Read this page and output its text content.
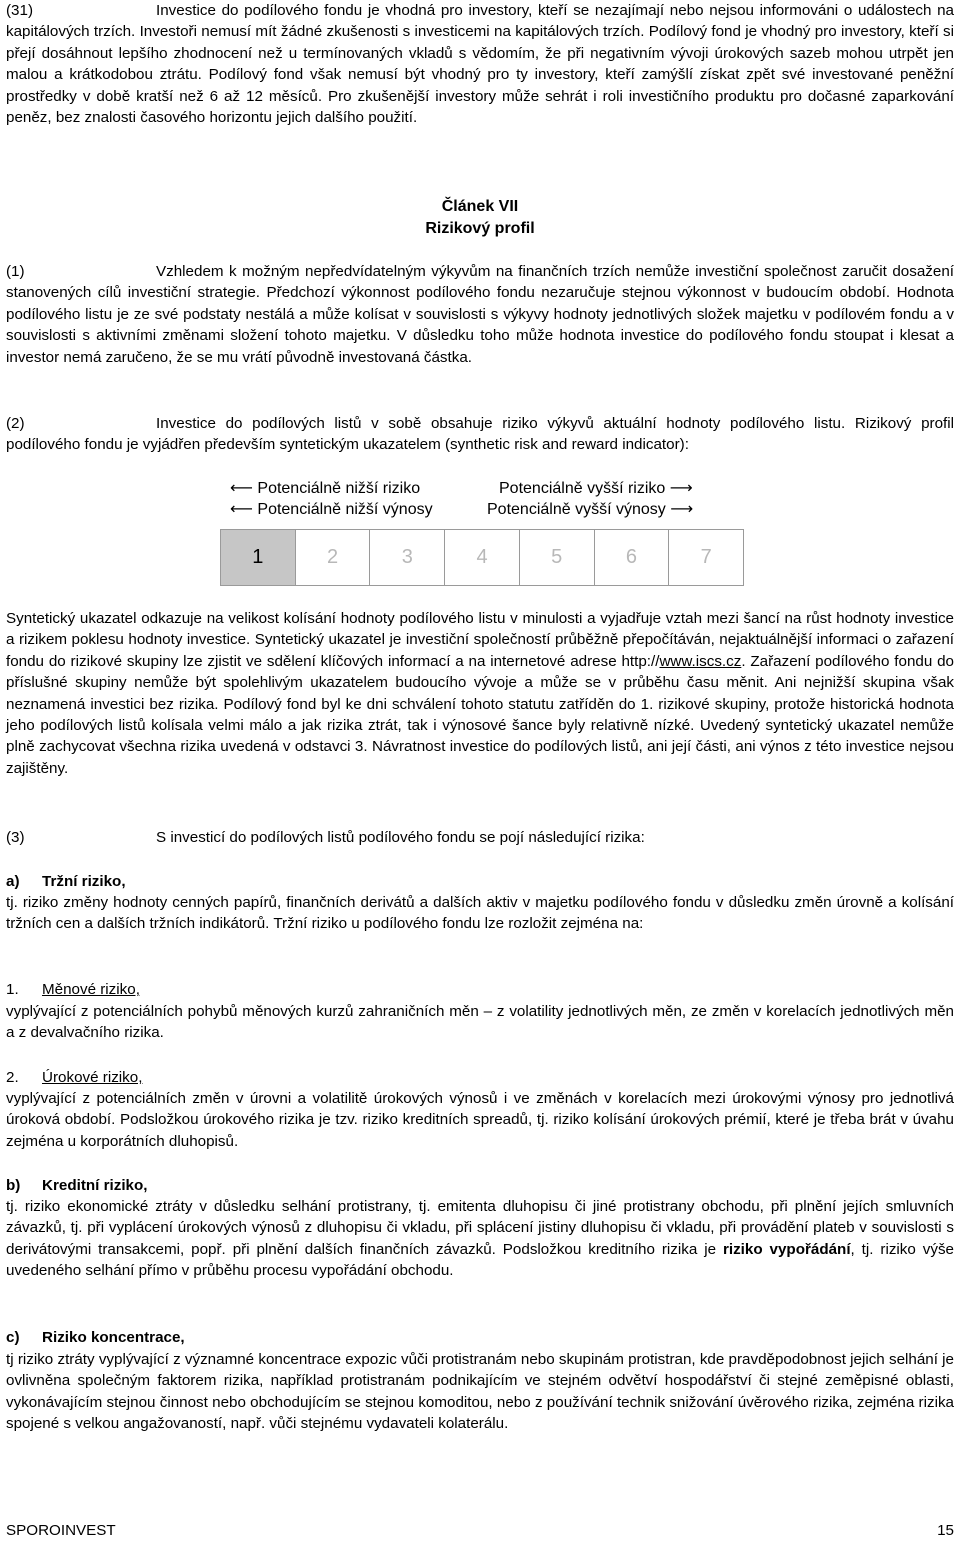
(31)	Investice do podílového fondu je vhodná pro investory, kteří se nezajímají nebo nejsou informováni o událostech na kapitálových trzích. Investoři nemusí mít žádné zkušenosti s investicemi na kapitálových trzích. Podílový fond je vhodný pro investory, kteří si přejí dosáhnout lepšího zhodnocení než u termínovaných vkladů s vědomím, že při negativním vývoji úrokových sazeb mohou utrpět jen malou a krátkodobou ztrátu. Podílový fond však nemusí být vhodný pro ty investory, kteří zamýšlí získat zpět své investované peněžní prostředky v době kratší než 6 až 12 měsíců. Pro zkušenější investory může sehrát i roli investičního produktu pro dočasné zaparkování peněz, bez znalosti časového horizontu jejich dalšího použití.

Článek VII
Rizikový profil

(1)	Vzhledem k možným nepředvídatelným výkyvům na finančních trzích nemůže investiční společnost zaručit dosažení stanovených cílů investiční strategie. Předchozí výkonnost podílového fondu nezaručuje stejnou výkonnost v budoucím období. Hodnota podílového listu je ze své podstaty nestálá a může kolísat v souvislosti s výkyvy hodnoty jednotlivých složek majetku v podílovém fondu a v souvislosti s aktivními změnami složení tohoto majetku. V důsledku toho může hodnota investice do podílového fondu stoupat i klesat a investor nemá zaručeno, že se mu vrátí původně investovaná částka.

(2)	Investice do podílových listů v sobě obsahuje riziko výkyvů aktuální hodnoty podílového listu. Rizikový profil podílového fondu je vyjádřen především syntetickým ukazatelem (synthetic risk and reward indicator):

⟵ Potenciálně nižší riziko	Potenciálně vyšší riziko ⟶
⟵ Potenciálně nižší výnosy	Potenciálně vyšší výnosy ⟶
1	2	3	4	5	6	7

Syntetický ukazatel odkazuje na velikost kolísání hodnoty podílového listu v minulosti a vyjadřuje vztah mezi šancí na růst hodnoty investice a rizikem poklesu hodnoty investice. Syntetický ukazatel je investiční společností průběžně přepočítáván, nejaktuálnější informaci o zařazení fondu do rizikové skupiny lze zjistit ve sdělení klíčových informací a na internetové adrese http://www.iscs.cz. Zařazení podílového fondu do příslušné skupiny nemůže být spolehlivým ukazatelem budoucího vývoje a může se v průběhu času měnit. Ani nejnižší skupina však neznamená investici bez rizika. Podílový fond byl ke dni schválení tohoto statutu zatříděn do 1. rizikové skupiny, protože historická hodnota jeho podílových listů kolísala velmi málo a jak rizika ztrát, tak i výnosové šance byly relativně nízké. Uvedený syntetický ukazatel nemůže plně zachycovat všechna rizika uvedená v odstavci 3. Návratnost investice do podílových listů, ani její části, ani výnos z této investice nejsou zajištěny.

(3)	S investicí do podílových listů podílového fondu se pojí následující rizika:

a) Tržní riziko,

tj. riziko změny hodnoty cenných papírů, finančních derivátů a dalších aktiv v majetku podílového fondu v důsledku změn úrovně a kolísání tržních cen a dalších tržních indikátorů. Tržní riziko u podílového fondu lze rozložit zejména na:

1. Měnové riziko,

vyplývající z potenciálních pohybů měnových kurzů zahraničních měn – z volatility jednotlivých měn, ze změn v korelacích jednotlivých měn a z devalvačního rizika.

2. Úrokové riziko,

vyplývající z potenciálních změn v úrovni a volatilitě úrokových výnosů i ve změnách v korelacích mezi úrokovými výnosy pro jednotlivá úroková období. Podsložkou úrokového rizika je tzv. riziko kreditních spreadů, tj. riziko kolísání úrokových prémií, které je třeba brát v úvahu zejména u korporátních dluhopisů.

b) Kreditní riziko,

tj. riziko ekonomické ztráty v důsledku selhání protistrany, tj. emitenta dluhopisu či jiné protistrany obchodu, při plnění jejích smluvních závazků, tj. při vyplácení úrokových výnosů z dluhopisu či vkladu, při splácení jistiny dluhopisu či vkladu, při provádění plateb v souvislosti s derivátovými transakcemi, popř. při plnění dalších finančních závazků. Podsložkou kreditního rizika je riziko vypořádání, tj. riziko výše uvedeného selhání přímo v průběhu procesu vypořádání obchodu.

c) Riziko koncentrace,

tj riziko ztráty vyplývající z významné koncentrace expozic vůči protistranám nebo skupinám protistran, kde pravděpodobnost jejich selhání je ovlivněna společným faktorem rizika, například protistranám podnikajícím ve stejném odvětví hospodářství či stejné zeměpisné oblasti, vykonávajícím stejnou činnost nebo obchodujícím se stejnou komoditou, nebo z používání technik snižování úvěrového rizika, zejména rizika spojené s velkou angažovaností, např. vůči stejnému vydavateli kolaterálu.

SPOROINVEST	15
